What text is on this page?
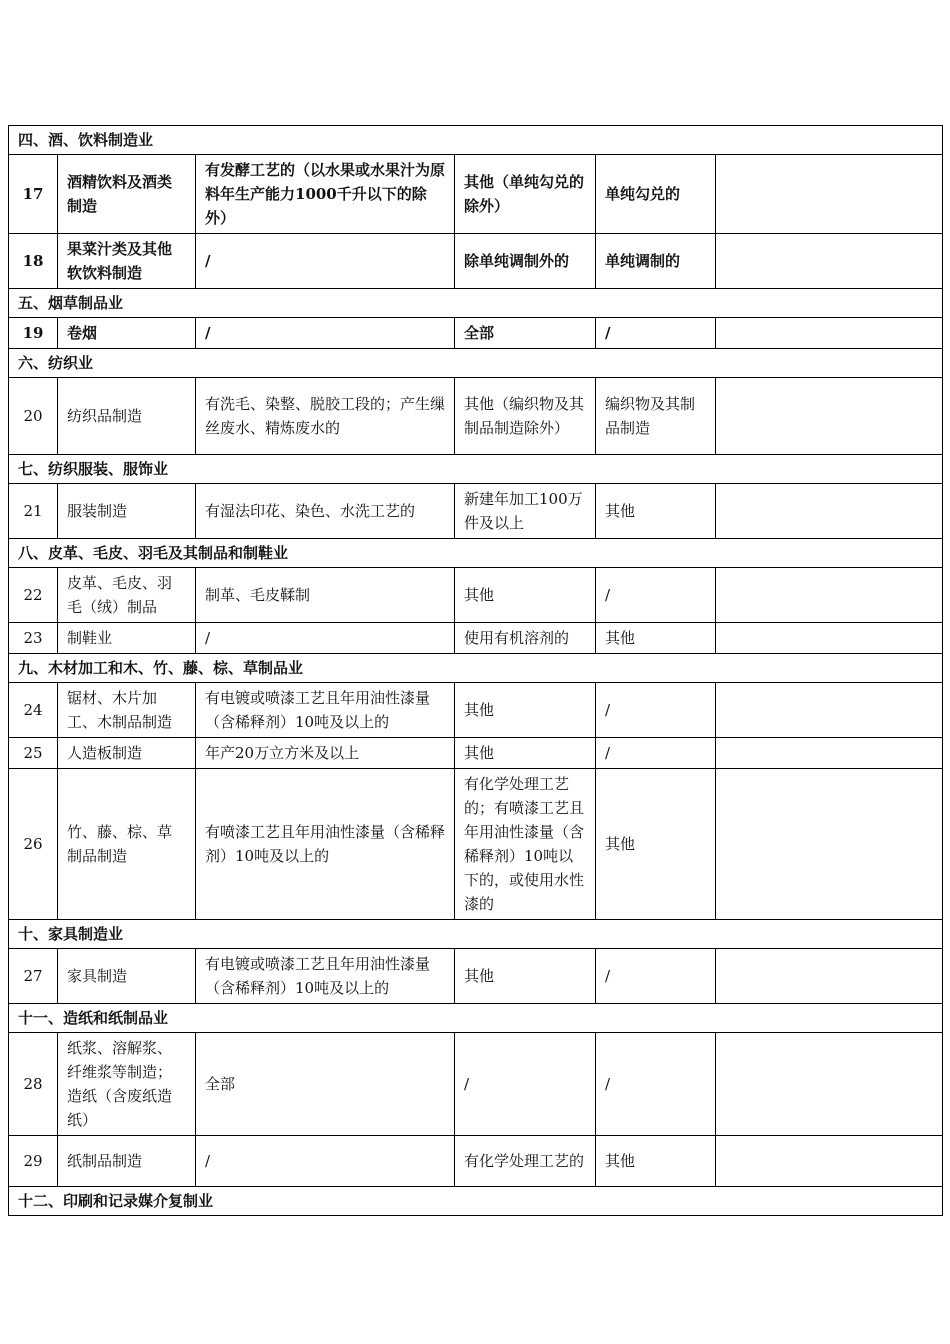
四、酒、饮料制造业					
17	酒精饮料及酒类制造	有发酵工艺的（以水果或水果汁为原料年生产能力1000千升以下的除外）	其他（单纯勾兑的除外）	单纯勾兑的	
18	果菜汁类及其他软饮料制造	/	除单纯调制外的	单纯调制的	
五、烟草制品业					
19	卷烟	/	全部	/	
六、纺织业					
20	纺织品制造	有洗毛、染整、脱胶工段的；产生缫丝废水、精炼废水的	其他（编织物及其制品制造除外）	编织物及其制品制造	
七、纺织服装、服饰业					
21	服装制造	有湿法印花、染色、水洗工艺的	新建年加工100万件及以上	其他	
八、皮革、毛皮、羽毛及其制品和制鞋业					
22	皮革、毛皮、羽毛（绒）制品	制革、毛皮鞣制	其他	/	
23	制鞋业	/	使用有机溶剂的	其他	
九、木材加工和木、竹、藤、棕、草制品业					
24	锯材、木片加工、木制品制造	有电镀或喷漆工艺且年用油性漆量（含稀释剂）10吨及以上的	其他	/	
25	人造板制造	年产20万立方米及以上	其他	/	
26	竹、藤、棕、草制品制造	有喷漆工艺且年用油性漆量（含稀释剂）10吨及以上的	有化学处理工艺的；有喷漆工艺且年用油性漆量（含稀释剂）10吨以下的，或使用水性漆的	其他	
十、家具制造业					
27	家具制造	有电镀或喷漆工艺且年用油性漆量（含稀释剂）10吨及以上的	其他	/	
十一、造纸和纸制品业					
28	纸浆、溶解浆、纤维浆等制造；造纸（含废纸造纸）	全部	/	/	
29	纸制品制造	/	有化学处理工艺的	其他	
十二、印刷和记录媒介复制业					
